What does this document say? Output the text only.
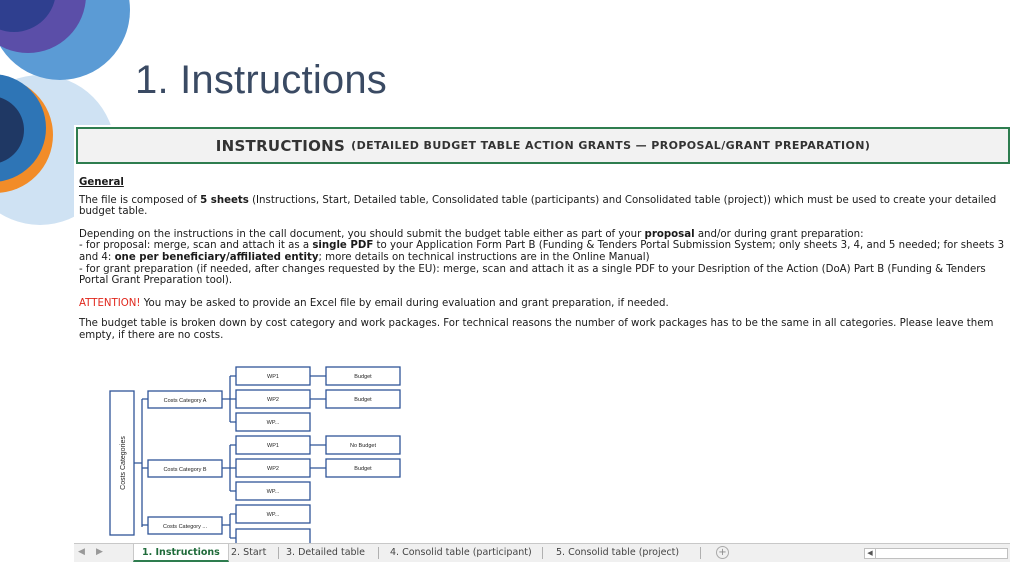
1. Instructions
INSTRUCTIONS (DETAILED BUDGET TABLE ACTION GRANTS — PROPOSAL/GRANT PREPARATION)
General
The file is composed of 5 sheets (Instructions, Start, Detailed table, Consolidated table (participants) and Consolidated table (project)) which must be used to create your detailed budget table.
Depending on the instructions in the call document, you should submit the budget table either as part of your proposal and/or during grant preparation:
- for proposal: merge, scan and attach it as a single PDF to your Application Form Part B (Funding & Tenders Portal Submission System; only sheets 3, 4, and 5 needed; for sheets 3 and 4: one per beneficiary/affiliated entity; more details on technical instructions are in the Online Manual)
- for grant preparation (if needed, after changes requested by the EU): merge, scan and attach it as a single PDF to your Desription of the Action (DoA) Part B (Funding & Tenders Portal Grant Preparation tool).
ATTENTION! You may be asked to provide an Excel file by email during evaluation and grant preparation, if needed.
The budget table is broken down by cost category and work packages. For technical reasons the number of work packages has to be the same in all categories. Please leave them empty, if there are no costs.
Costs Categories
Costs Category A
Costs Category B
Costs Category ...
WP1
WP2
WP...
WP1
WP2
WP...
WP...
Budget
Budget
No Budget
Budget
◀ ▶	1. Instructions	2. Start	3. Detailed table	4. Consolid table (participant)	5. Consolid table (project)	+	◀
